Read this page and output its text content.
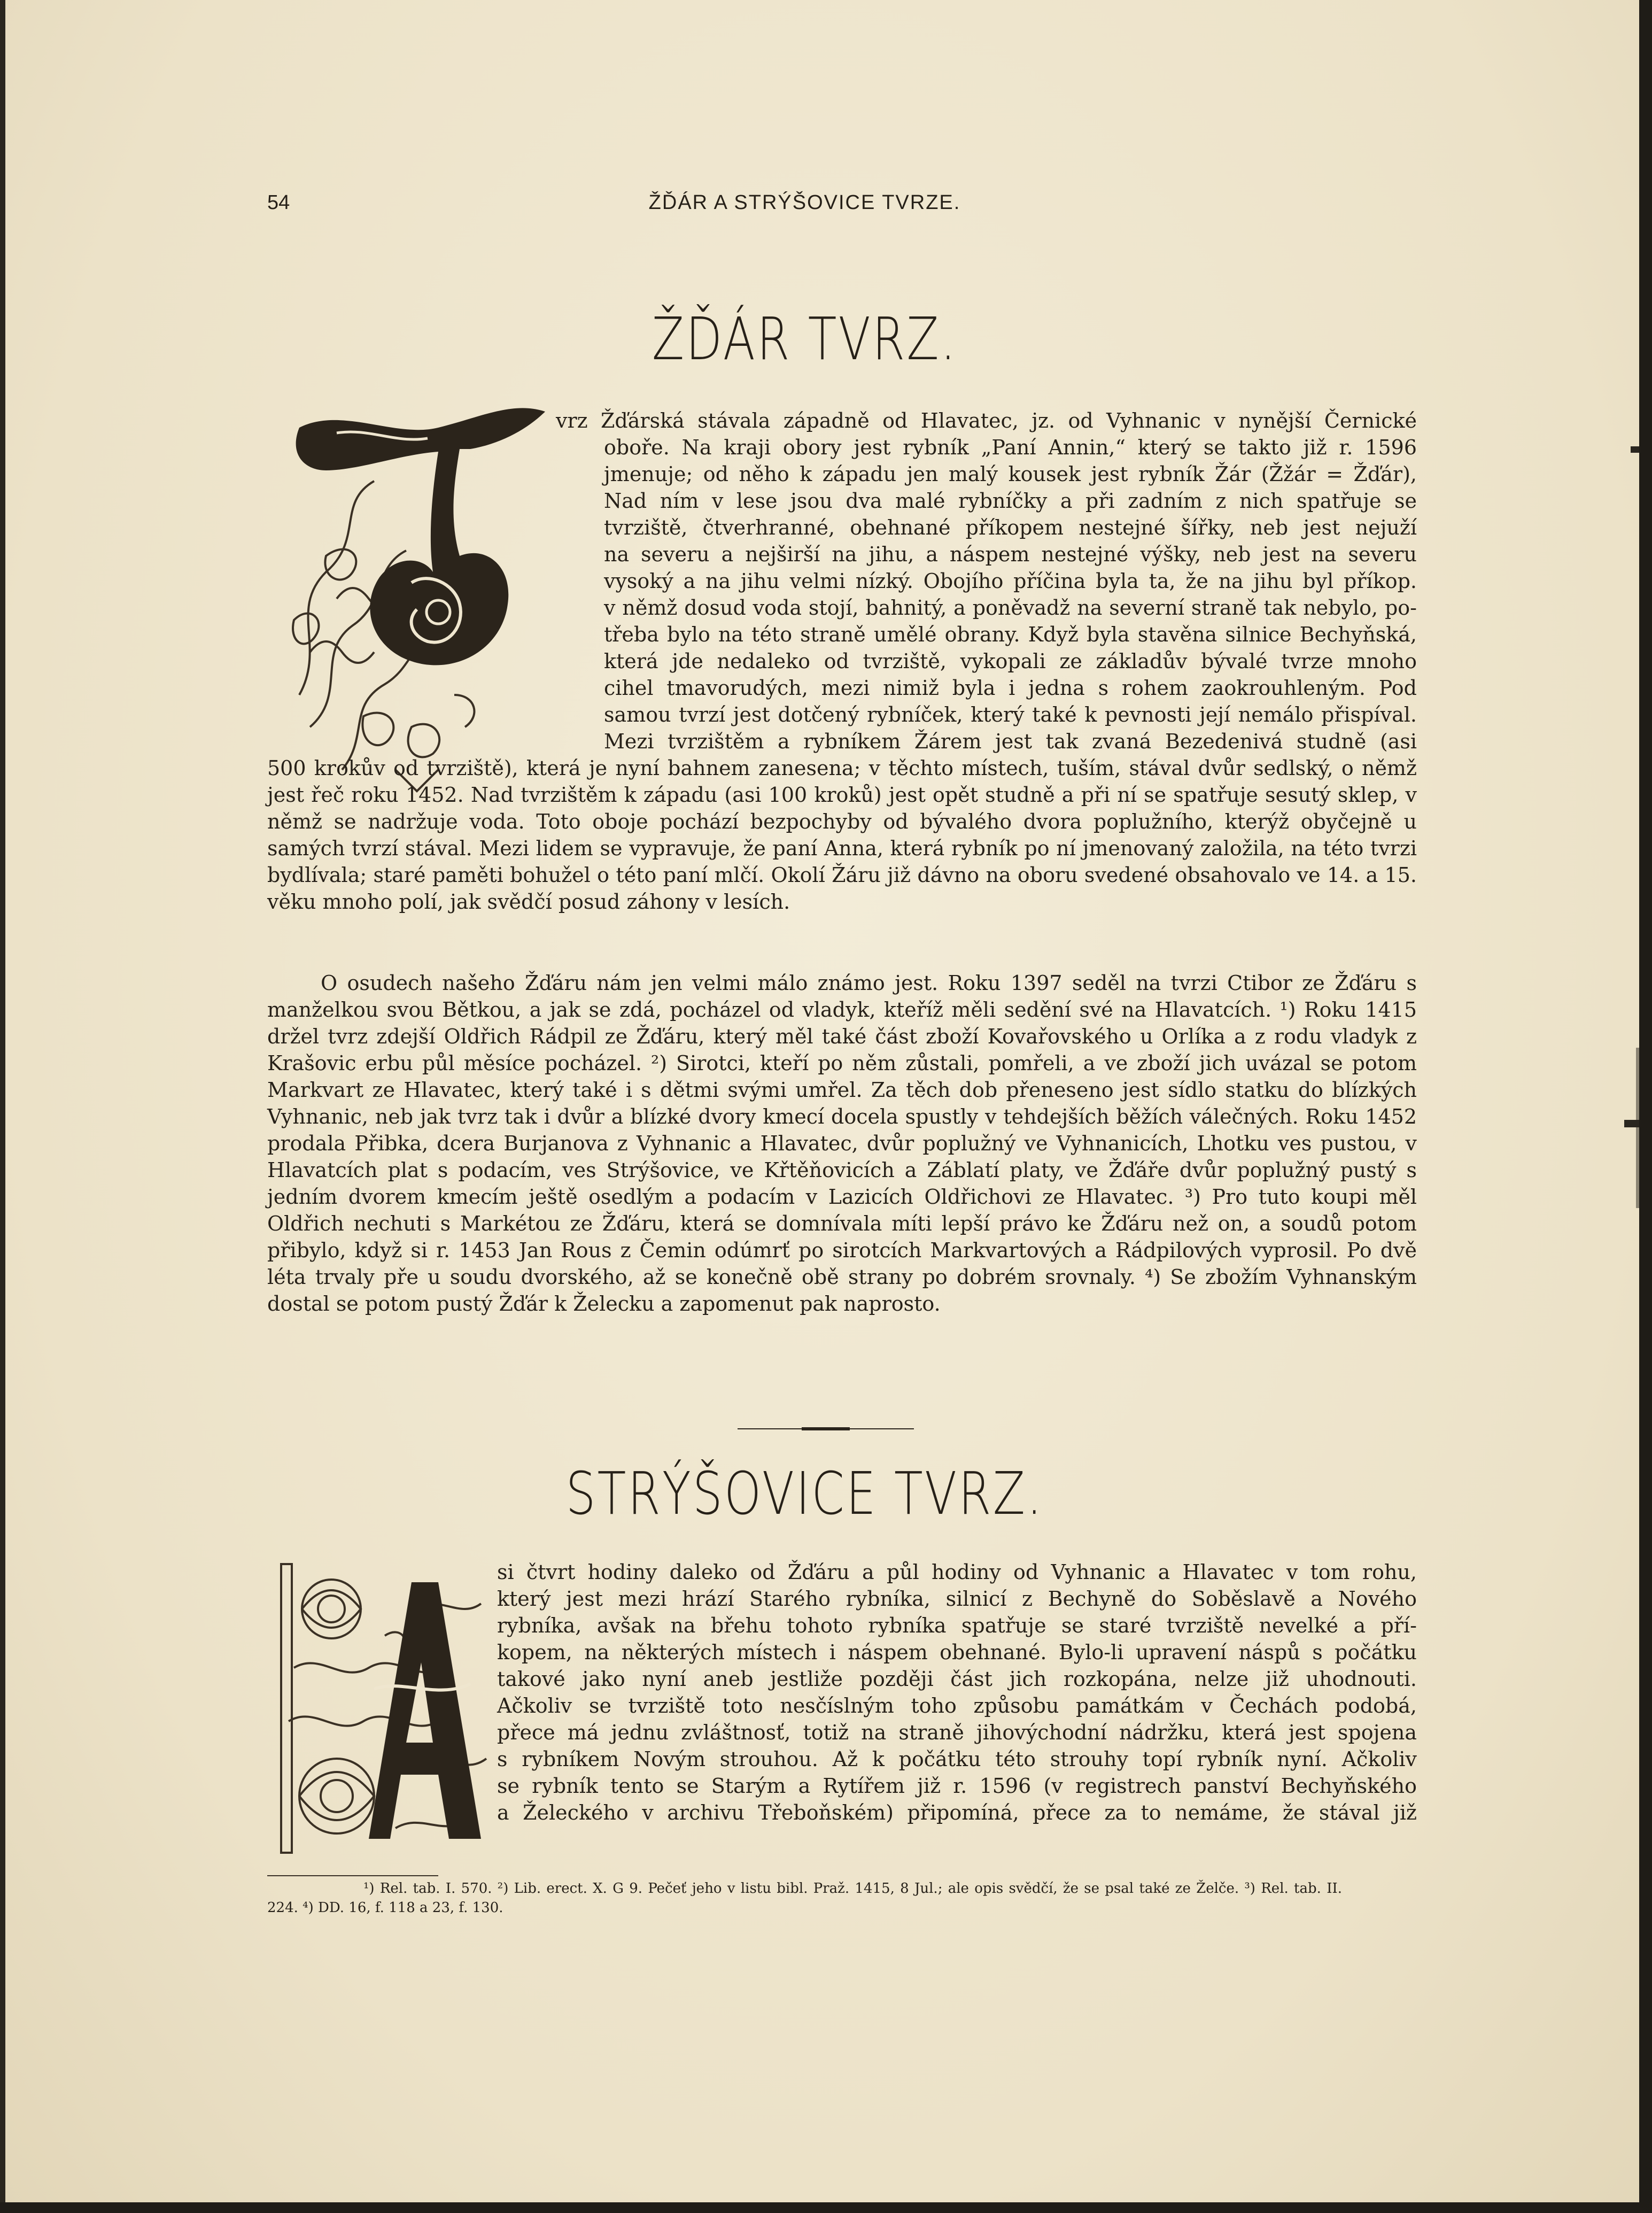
54	ŽĎÁR A STRÝŠOVICE TVRZE.
ŽĎÁR TVRZ.
vrz Žďárská stávala západně od Hlavatec, jz. od Vyhnanic v nynější Černické
oboře. Na kraji obory jest rybník „Paní Annin,“ který se takto již r. 1596
jmenuje; od něho k západu jen malý kousek jest rybník Žár (Žžár = Žďár),
Nad ním v lese jsou dva malé rybníčky a při zadním z nich spatřuje se
tvrziště, čtverhranné, obehnané příkopem nestejné šířky, neb jest nejuží
na severu a nejširší na jihu, a náspem nestejné výšky, neb jest na severu
vysoký a na jihu velmi nízký. Obojího příčina byla ta, že na jihu byl příkop.
v němž dosud voda stojí, bahnitý, a poněvadž na severní straně tak nebylo, po-
třeba bylo na této straně umělé obrany. Když byla stavěna silnice Bechyňská,
která jde nedaleko od tvrziště, vykopali ze základův bývalé tvrze mnoho
cihel tmavorudých, mezi nimiž byla i jedna s rohem zaokrouhleným. Pod
samou tvrzí jest dotčený rybníček, který také k pevnosti její nemálo přispíval.
Mezi tvrzištěm a rybníkem Žárem jest tak zvaná Bezedenivá studně (asi

500 krokův od tvrziště), která je nyní bahnem zanesena; v těchto místech, tuším, stával dvůr sedlský, o němž jest řeč roku 1452. Nad tvrzištěm k západu (asi 100 kroků) jest opět studně a při ní se spatřuje sesutý sklep, v němž se nadržuje voda. Toto oboje pochází bezpochyby od bývalého dvora poplužního, kterýž obyčejně u samých tvrzí stával. Mezi lidem se vypravuje, že paní Anna, která rybník po ní jmenovaný založila, na této tvrzi bydlívala; staré paměti bohužel o této paní mlčí. Okolí Žáru již dávno na oboru svedené obsahovalo ve 14. a 15. věku mnoho polí, jak svědčí posud záhony v lesích.

O osudech našeho Žďáru nám jen velmi málo známo jest. Roku 1397 seděl na tvrzi Ctibor ze Žďáru s manželkou svou Bětkou, a jak se zdá, pocházel od vladyk, kteříž měli sedění své na Hlavatcích. ¹) Roku 1415 držel tvrz zdejší Oldřich Rádpil ze Žďáru, který měl také část zboží Kovařovského u Orlíka a z rodu vladyk z Krašovic erbu půl měsíce pocházel. ²) Sirotci, kteří po něm zůstali, pomřeli, a ve zboží jich uvázal se potom Markvart ze Hlavatec, který také i s dětmi svými umřel. Za těch dob přeneseno jest sídlo statku do blízkých Vyhnanic, neb jak tvrz tak i dvůr a blízké dvory kmecí docela spustly v tehdejších běžích válečných. Roku 1452 prodala Přibka, dcera Burjanova z Vyhnanic a Hlavatec, dvůr poplužný ve Vyhnanicích, Lhotku ves pustou, v Hlavatcích plat s podacím, ves Strýšovice, ve Křtěňovicích a Záblatí platy, ve Žďáře dvůr poplužný pustý s jedním dvorem kmecím ještě osedlým a podacím v Lazicích Oldřichovi ze Hlavatec. ³) Pro tuto koupi měl Oldřich nechuti s Markétou ze Žďáru, která se domnívala míti lepší právo ke Žďáru než on, a soudů potom přibylo, když si r. 1453 Jan Rous z Čemin odúmrť po sirotcích Markvartových a Rádpilových vyprosil. Po dvě léta trvaly pře u soudu dvorského, až se konečně obě strany po dobrém srovnaly. ⁴) Se zbožím Vyhnanským dostal se potom pustý Žďár k Želecku a zapomenut pak naprosto.

STRÝŠOVICE TVRZ.
si čtvrt hodiny daleko od Žďáru a půl hodiny od Vyhnanic a Hlavatec v tom rohu,
který jest mezi hrází Starého rybníka, silnicí z Bechyně do Soběslavě a Nového
rybníka, avšak na břehu tohoto rybníka spatřuje se staré tvrziště nevelké a pří-
kopem, na některých místech i náspem obehnané. Bylo-li upravení náspů s počátku
takové jako nyní aneb jestliže později část jich rozkopána, nelze již uhodnouti.
Ačkoliv se tvrziště toto nesčíslným toho způsobu památkám v Čechách podobá,
přece má jednu zvláštnosť, totiž na straně jihovýchodní nádržku, která jest spojena
s rybníkem Novým strouhou. Až k počátku této strouhy topí rybník nyní. Ačkoliv
se rybník tento se Starým a Rytířem již r. 1596 (v registrech panství Bechyňského
a Želeckého v archivu Třeboňském) připomíná, přece za to nemáme, že stával již

¹) Rel. tab. I. 570. ²) Lib. erect. X. G 9. Pečeť jeho v listu bibl. Praž. 1415, 8 Jul.; ale opis svědčí, že se psal také ze Želče. ³) Rel. tab. II. 224. ⁴) DD. 16, f. 118 a 23, f. 130.
